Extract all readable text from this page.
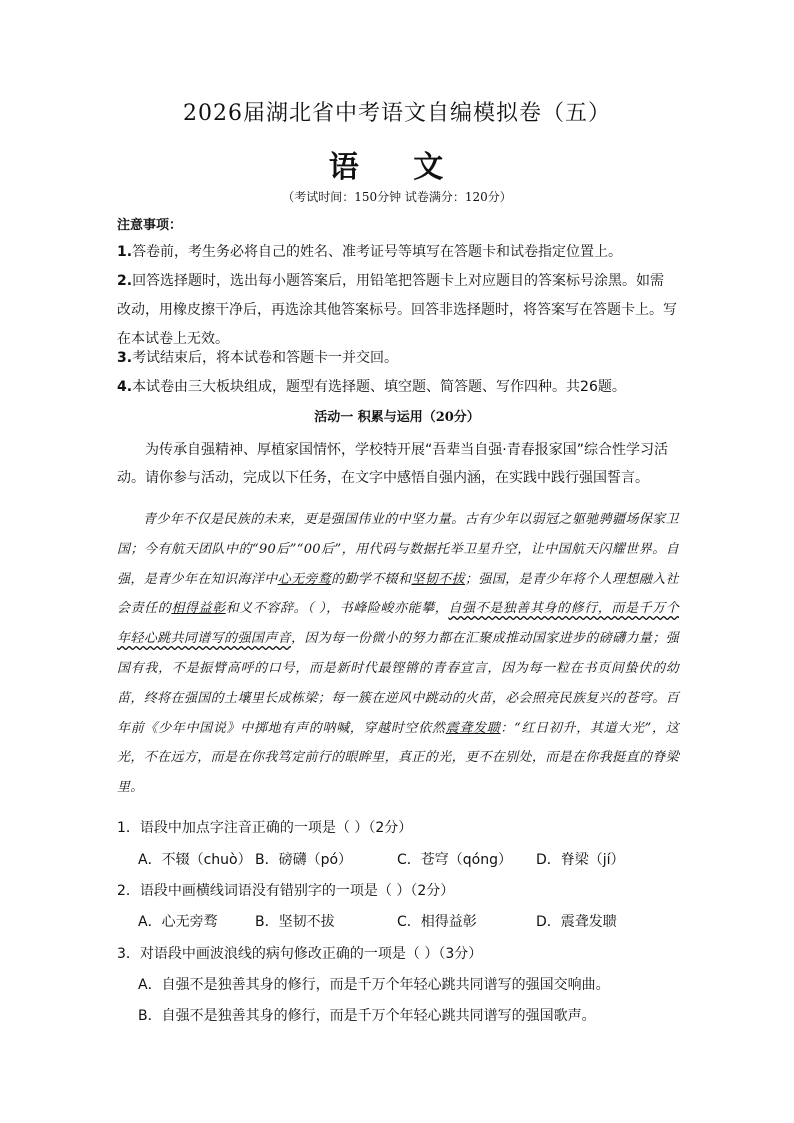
2026届湖北省中考语文自编模拟卷（五）
语 文
（考试时间：150分钟 试卷满分：120分）
注意事项：
1.答卷前，考生务必将自己的姓名、准考证号等填写在答题卡和试卷指定位置上。
2.回答选择题时，选出每小题答案后，用铅笔把答题卡上对应题目的答案标号涂黑。如需改动，用橡皮擦干净后，再选涂其他答案标号。回答非选择题时，将答案写在答题卡上。写在本试卷上无效。
3.考试结束后，将本试卷和答题卡一并交回。
4.本试卷由三大板块组成，题型有选择题、填空题、简答题、写作四种。共26题。
活动一 积累与运用（20分）

为传承自强精神、厚植家国情怀，学校特开展“吾辈当自强·青春报家国”综合性学习活动。请你参与活动，完成以下任务，在文字中感悟自强内涵，在实践中践行强国誓言。

青少年不仅是民族的未来，更是强国伟业的中坚力量。古有少年以弱冠之躯驰骋疆场保家卫国；今有航天团队中的“90后”“00后”，用代码与数据托举卫星升空，让中国航天闪耀世界。自强，是青少年在知识海洋中心无旁鹜的勤学不辍和坚韧不拔；强国，是青少年将个人理想融入社会责任的相得益彰和义不容辞。（ ），书峰险峻亦能攀，自强不是独善其身的修行，而是千万个年轻心跳共同谱写的强国声音，因为每一份微小的努力都在汇聚成推动国家进步的磅礴力量；强国有我，不是振臂高呼的口号，而是新时代最铿锵的青春宣言，因为每一粒在书页间蛰伏的幼苗，终将在强国的土壤里长成栋梁；每一簇在逆风中跳动的火苗，必会照亮民族复兴的苍穹。百年前《少年中国说》中掷地有声的呐喊，穿越时空依然震聋发聩：“红日初升，其道大光”，这光，不在远方，而是在你我笃定前行的眼眸里，真正的光，更不在别处，而是在你我挺直的脊梁里。

1．语段中加点字注音正确的一项是（ ）（2分）
A．不辍（chuò） B．磅礴（pó）	C．苍穹（qóng）	D．脊梁（jí）
2．语段中画横线词语没有错别字的一项是（ ）（2分）
A．心无旁骛	B．坚韧不拔	C．相得益彰	D．震聋发聩
3．对语段中画波浪线的病句修改正确的一项是（ ）（3分）
A．自强不是独善其身的修行，而是千万个年轻心跳共同谱写的强国交响曲。
B．自强不是独善其身的修行，而是千万个年轻心跳共同谱写的强国歌声。
